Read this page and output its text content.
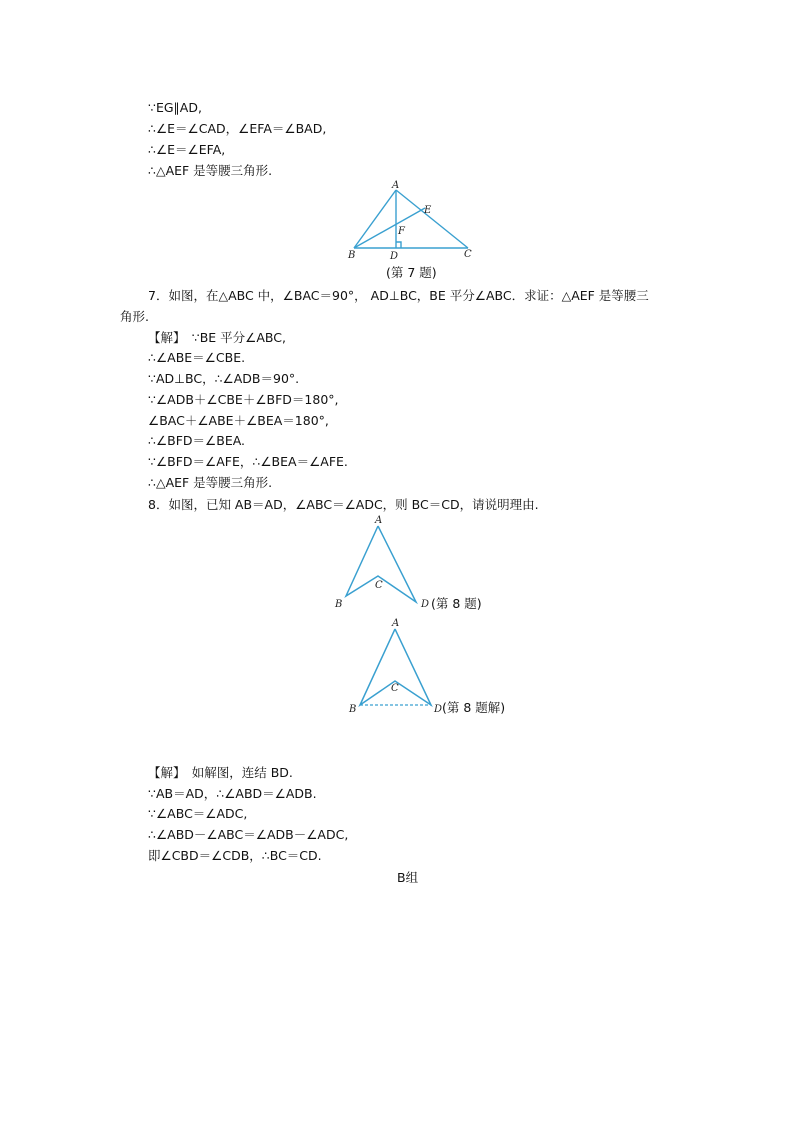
∵EG∥AD,
∴∠E＝∠CAD，∠EFA＝∠BAD,
∴∠E＝∠EFA,
∴△AEF 是等腰三角形.
A
B	C
D
E
F
(第 7 题)
7．如图，在△ABC 中，∠BAC＝90°， AD⊥BC，BE 平分∠ABC．求证：△AEF 是等腰三
角形.
【解】　∵BE 平分∠ABC,
∴∠ABE＝∠CBE.
∵AD⊥BC，∴∠ADB＝90°.
∵∠ADB＋∠CBE＋∠BFD＝180°,
∠BAC＋∠ABE＋∠BEA＝180°,
∴∠BFD＝∠BEA.
∵∠BFD＝∠AFE，∴∠BEA＝∠AFE.
∴△AEF 是等腰三角形.
8．如图，已知 AB＝AD，∠ABC＝∠ADC，则 BC＝CD，请说明理由.
A
B
C
D (第 8 题)
A
B
C
D (第 8 题解)
【解】　如解图，连结 BD.
∵AB＝AD，∴∠ABD＝∠ADB.
∵∠ABC＝∠ADC,
∴∠ABD－∠ABC＝∠ADB－∠ADC,
即∠CBD＝∠CDB，∴BC＝CD.
B组
